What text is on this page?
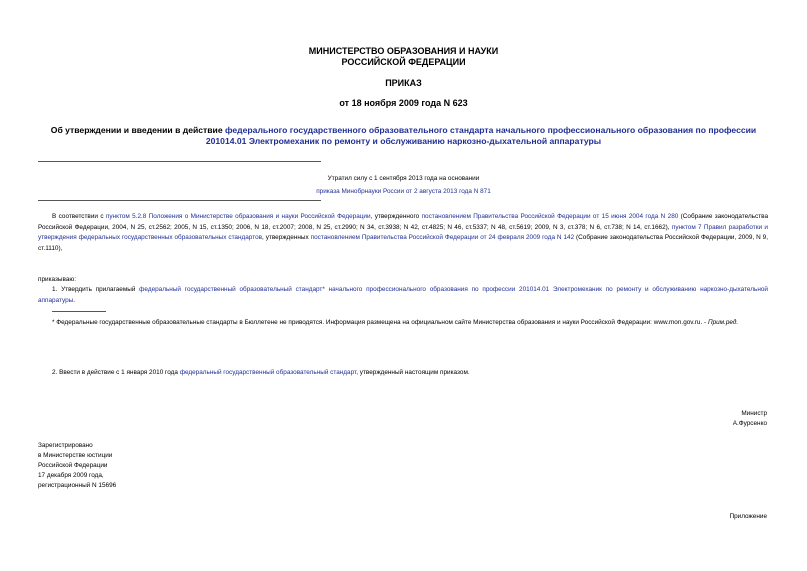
МИНИСТЕРСТВО ОБРАЗОВАНИЯ И НАУКИ

РОССИЙСКОЙ ФЕДЕРАЦИИ

ПРИКАЗ

от 18 ноября 2009 года N 623

Об утверждении и введении в действие федерального государственного образовательного стандарта начального профессионального образования по профессии 201014.01 Электромеханик по ремонту и обслуживанию наркозно-дыхательной аппаратуры

Утратил силу с 1 сентября 2013 года на основании

приказа Минобрнауки России от 2 августа 2013 года N 871

В соответствии с пунктом 5.2.8 Положения о Министерстве образования и науки Российской Федерации, утвержденного постановлением Правительства Российской Федерации от 15 июня 2004 года N 280 (Собрание законодательства Российской Федерации, 2004, N 25, ст.2562; 2005, N 15, ст.1350; 2006, N 18, ст.2007; 2008, N 25, ст.2990; N 34, ст.3938; N 42, ст.4825; N 46, ст.5337; N 48, ст.5619; 2009, N 3, ст.378; N 6, ст.738; N 14, ст.1662), пунктом 7 Правил разработки и утверждения федеральных государственных образовательных стандартов, утвержденных постановлением Правительства Российской Федерации от 24 февраля 2009 года N 142 (Собрание законодательства Российской Федерации, 2009, N 9, ст.1110),
приказываю:
1. Утвердить прилагаемый федеральный государственный образовательный стандарт* начального профессионального образования по профессии 201014.01 Электромеханик по ремонту и обслуживанию наркозно-дыхательной аппаратуры.
* Федеральные государственные образовательные стандарты в Бюллетене не приводятся. Информация размещена на официальном сайте Министерства образования и науки Российской Федерации: www.mon.gov.ru. - Прим.ред.
2. Ввести в действие с 1 января 2010 года федеральный государственный образовательный стандарт, утвержденный настоящим приказом.

Министр

А.Фурсенко

Зарегистрировано

в Министерстве юстиции

Российской Федерации

17 декабря 2009 года,

регистрационный N 15696

Приложение
